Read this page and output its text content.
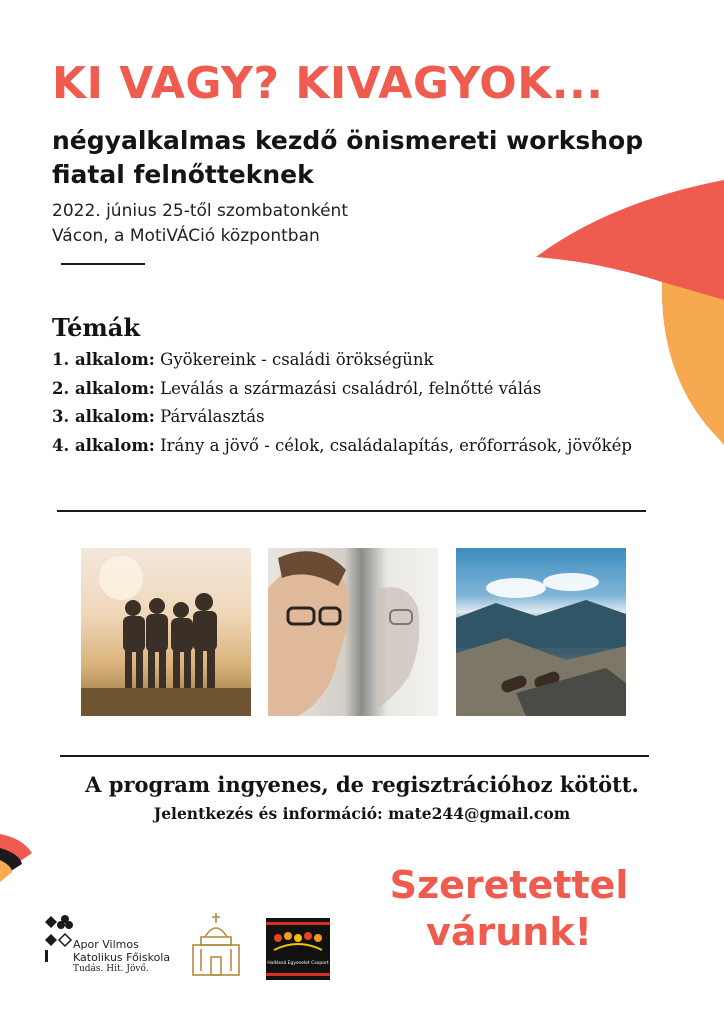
KI VAGY? KIVAGYOK...
négyalkalmas kezdő önismereti workshop
fiatal felnőtteknek
2022. június 25-től szombatonként
Vácon, a MotiVÁCió központban
Témák
1. alkalom: Gyökereink - családi örökségünk
2. alkalom: Leválás a származási családról, felnőtté válás
3. alkalom: Párválasztás
4. alkalom: Irány a jövő - célok, családalapítás, erőforrások, jövőkép
A program ingyenes, de regisztrációhoz kötött.
Jelentkezés és információ: mate244@gmail.com
Szeretettel
várunk!
Apor Vilmos
Katolikus Főiskola
Tudás. Hit. Jövő.
Hallássá Egyeselet Csoport
